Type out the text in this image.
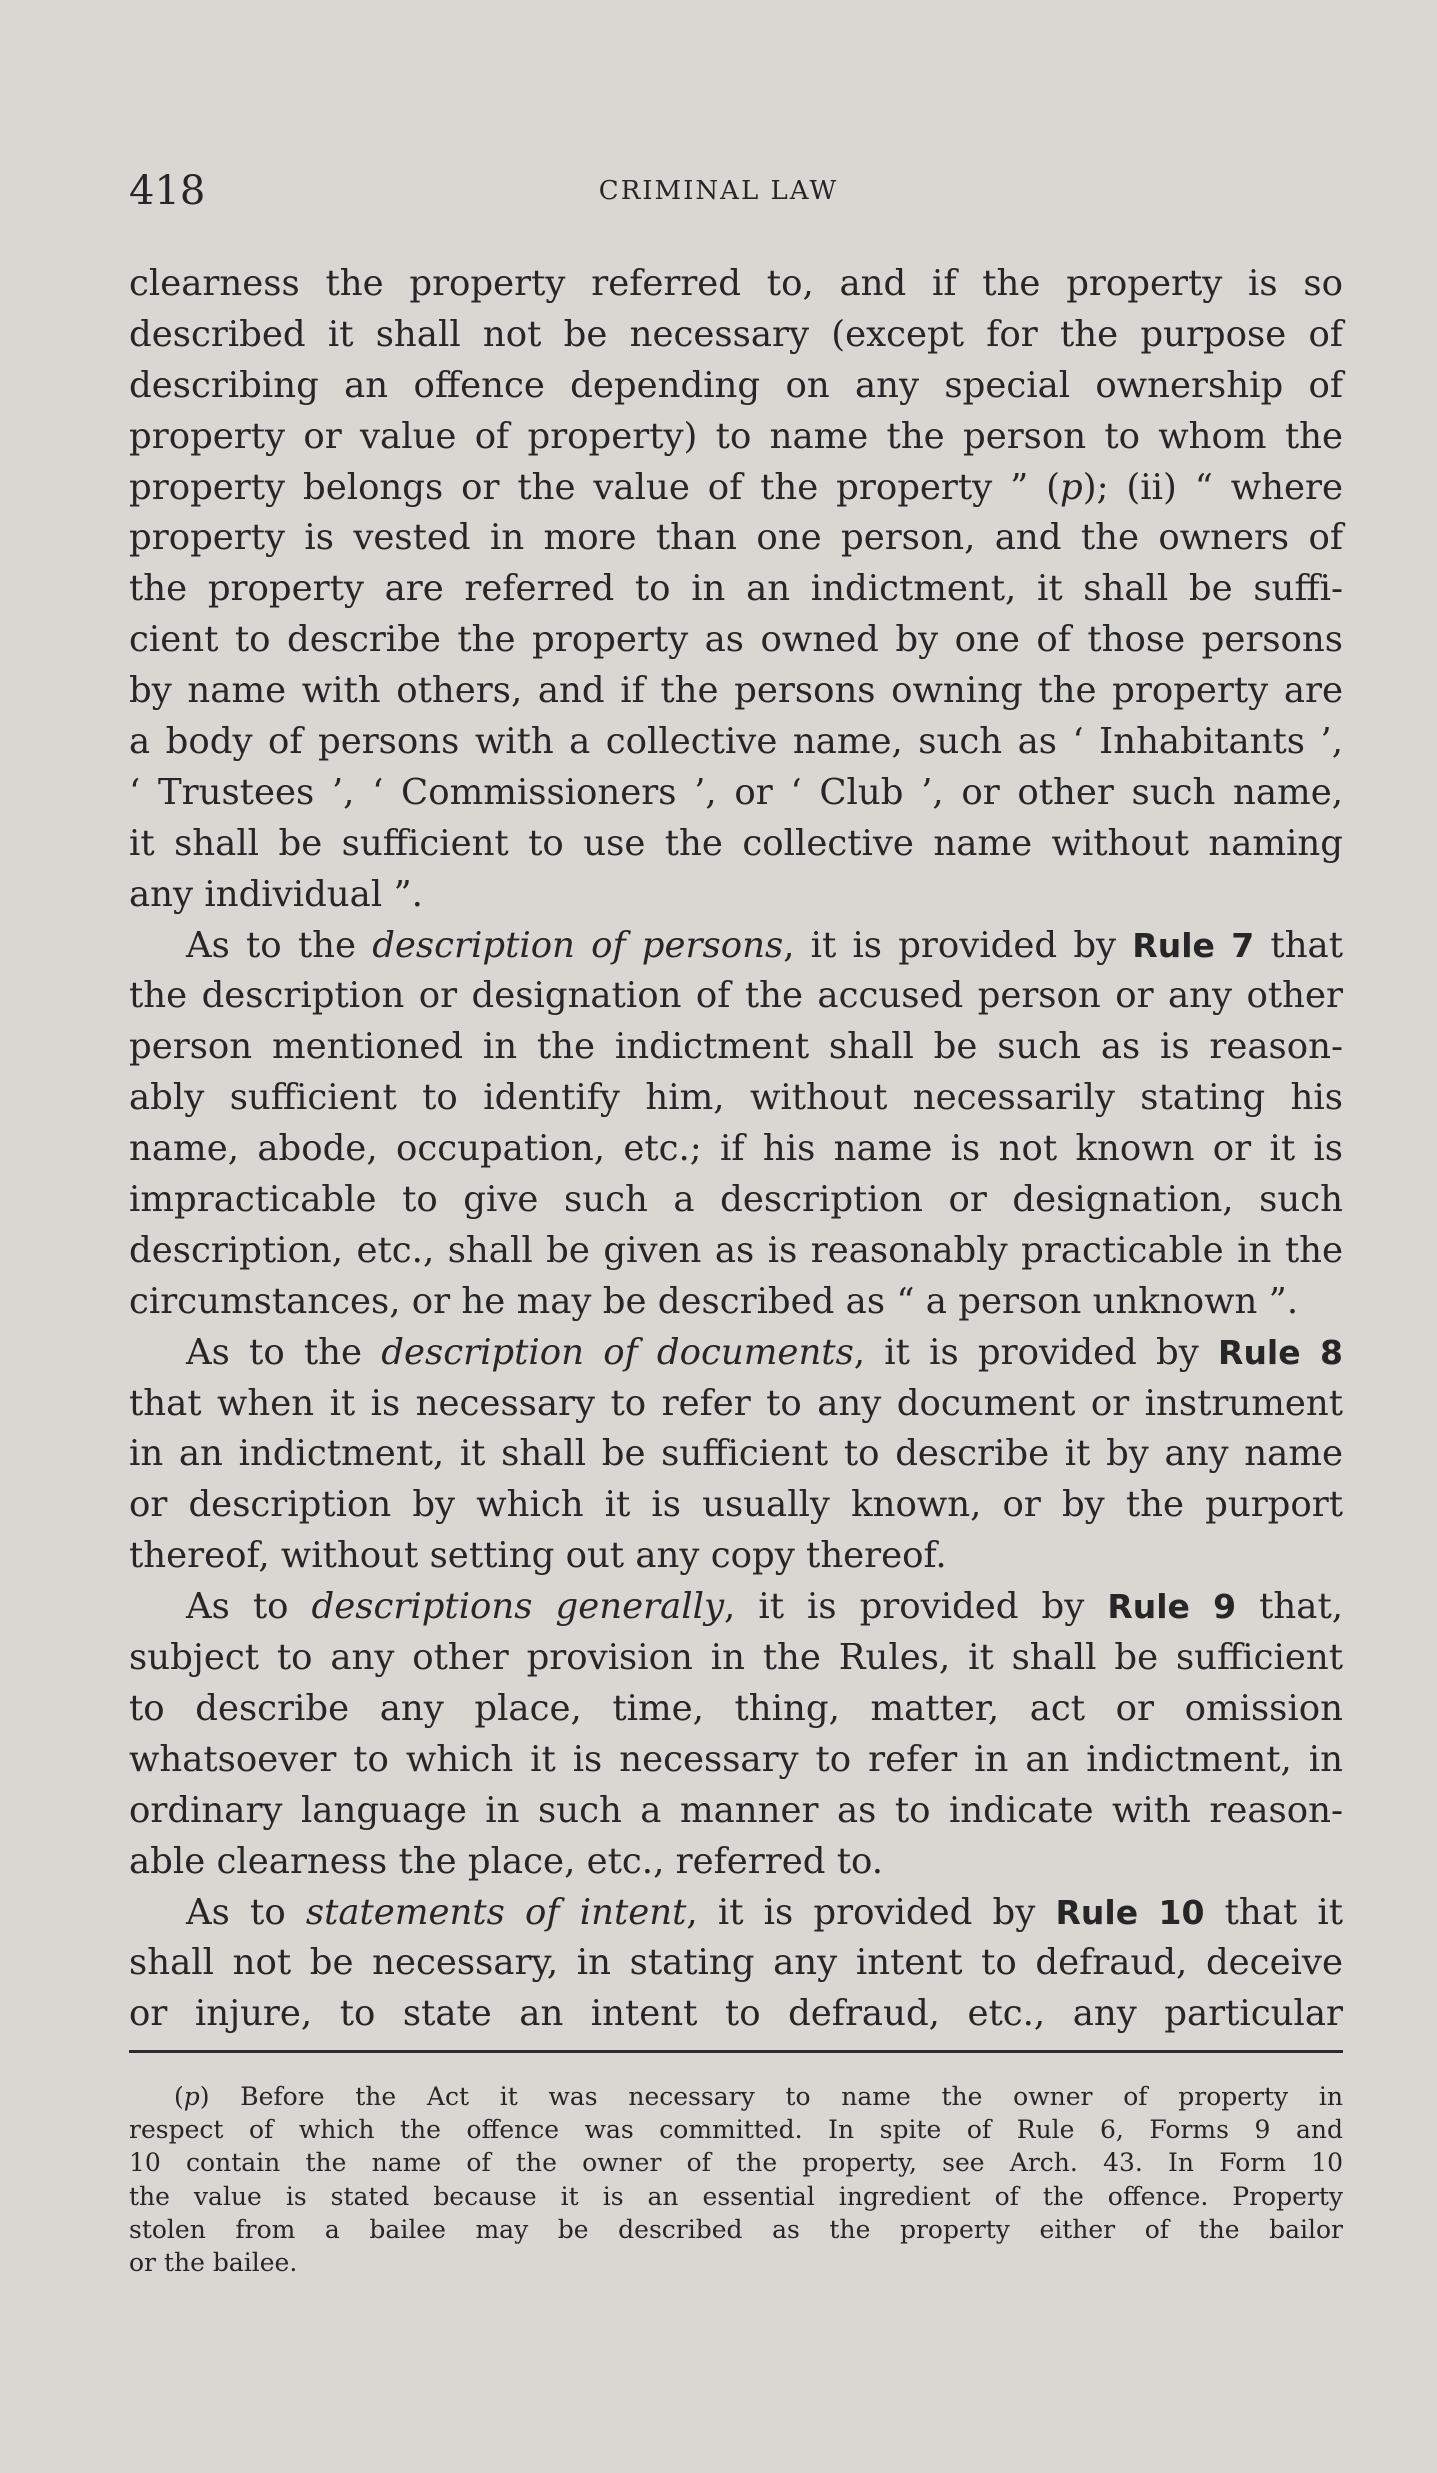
418	CRIMINAL LAW
clearness the property referred to, and if the property is so
described it shall not be necessary (except for the purpose of
describing an offence depending on any special ownership of
property or value of property) to name the person to whom the
property belongs or the value of the property ” (p); (ii) “ where
property is vested in more than one person, and the owners of
the property are referred to in an indictment, it shall be suffi-
cient to describe the property as owned by one of those persons
by name with others, and if the persons owning the property are
a body of persons with a collective name, such as ‘ Inhabitants ’,
‘ Trustees ’, ‘ Commissioners ’, or ‘ Club ’, or other such name,
it shall be sufficient to use the collective name without naming
any individual ”.
As to the description of persons, it is provided by Rule 7 that
the description or designation of the accused person or any other
person mentioned in the indictment shall be such as is reason-
ably sufficient to identify him, without necessarily stating his
name, abode, occupation, etc.; if his name is not known or it is
impracticable to give such a description or designation, such
description, etc., shall be given as is reasonably practicable in the
circumstances, or he may be described as “ a person unknown ”.
As to the description of documents, it is provided by Rule 8
that when it is necessary to refer to any document or instrument
in an indictment, it shall be sufficient to describe it by any name
or description by which it is usually known, or by the purport
thereof, without setting out any copy thereof.
As to descriptions generally, it is provided by Rule 9 that,
subject to any other provision in the Rules, it shall be sufficient
to describe any place, time, thing, matter, act or omission
whatsoever to which it is necessary to refer in an indictment, in
ordinary language in such a manner as to indicate with reason-
able clearness the place, etc., referred to.
As to statements of intent, it is provided by Rule 10 that it
shall not be necessary, in stating any intent to defraud, deceive
or injure, to state an intent to defraud, etc., any particular
(p) Before the Act it was necessary to name the owner of property in
respect of which the offence was committed. In spite of Rule 6, Forms 9 and
10 contain the name of the owner of the property, see Arch. 43. In Form 10
the value is stated because it is an essential ingredient of the offence. Property
stolen from a bailee may be described as the property either of the bailor
or the bailee.
